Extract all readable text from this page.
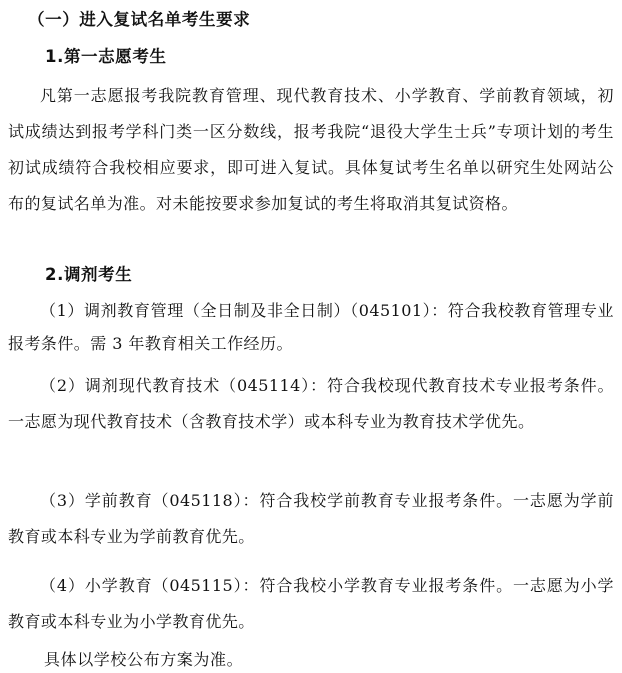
（一）进入复试名单考生要求
1.第一志愿考生
凡第一志愿报考我院教育管理、现代教育技术、小学教育、学前教育领域，初试成绩达到报考学科门类一区分数线，报考我院“退役大学生士兵”专项计划的考生初试成绩符合我校相应要求，即可进入复试。具体复试考生名单以研究生处网站公布的复试名单为准。对未能按要求参加复试的考生将取消其复试资格。
2.调剂考生
（1）调剂教育管理（全日制及非全日制）（045101）：符合我校教育管理专业报考条件。需 3 年教育相关工作经历。
（2）调剂现代教育技术（045114）：符合我校现代教育技术专业报考条件。一志愿为现代教育技术（含教育技术学）或本科专业为教育技术学优先。
（3）学前教育（045118）：符合我校学前教育专业报考条件。一志愿为学前教育或本科专业为学前教育优先。
（4）小学教育（045115）：符合我校小学教育专业报考条件。一志愿为小学教育或本科专业为小学教育优先。
具体以学校公布方案为准。
